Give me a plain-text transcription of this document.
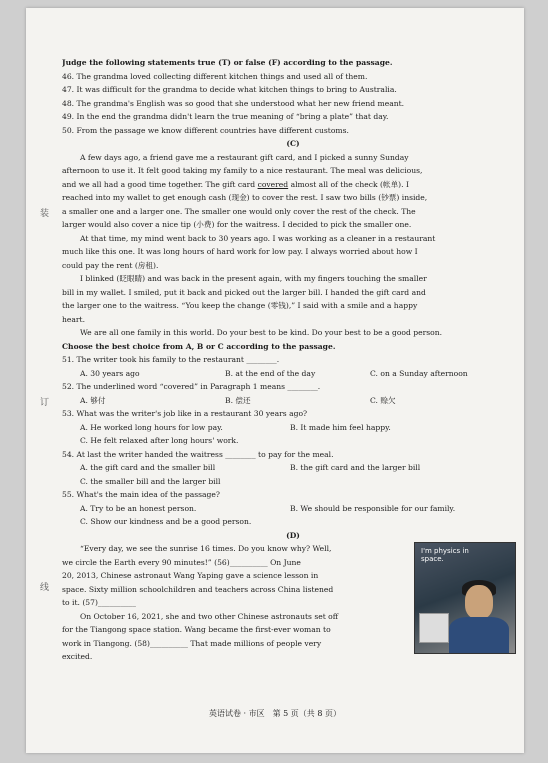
装
订
线
Judge the following statements true (T) or false (F) according to the passage.
46. The grandma loved collecting different kitchen things and used all of them.
47. It was difficult for the grandma to decide what kitchen things to bring to Australia.
48. The grandma's English was so good that she understood what her new friend meant.
49. In the end the grandma didn't learn the true meaning of “bring a plate” that day.
50. From the passage we know different countries have different customs.
(C)
A few days ago, a friend gave me a restaurant gift card, and I picked a sunny Sunday
afternoon to use it. It felt good taking my family to a nice restaurant. The meal was delicious,
and we all had a good time together. The gift card covered almost all of the check (帐单). I
reached into my wallet to get enough cash (现金) to cover the rest. I saw two bills (钞票) inside,
a smaller one and a larger one. The smaller one would only cover the rest of the check. The
larger would also cover a nice tip (小费) for the waitress. I decided to pick the smaller one.
At that time, my mind went back to 30 years ago. I was working as a cleaner in a restaurant
much like this one. It was long hours of hard work for low pay. I always worried about how I
could pay the rent (房租).
I blinked (眨眼睛) and was back in the present again, with my fingers touching the smaller
bill in my wallet. I smiled, put it back and picked out the larger bill. I handed the gift card and
the larger one to the waitress. “You keep the change (零钱),” I said with a smile and a happy
heart.
We are all one family in this world. Do your best to be kind. Do your best to be a good person.
Choose the best choice from A, B or C according to the passage.
51. The writer took his family to the restaurant ________.
A. 30 years ago	B. at the end of the day	C. on a Sunday afternoon
52. The underlined word “covered” in Paragraph 1 means ________.
A. 够付	B. 偿还	C. 赊欠
53. What was the writer's job like in a restaurant 30 years ago?
A. He worked long hours for low pay.	B. It made him feel happy.
C. He felt relaxed after long hours' work.
54. At last the writer handed the waitress ________ to pay for the meal.
A. the gift card and the smaller bill	B. the gift card and the larger bill
C. the smaller bill and the larger bill
55. What's the main idea of the passage?
A. Try to be an honest person.	B. We should be responsible for our family.
C. Show our kindness and be a good person.
(D)
“Every day, we see the sunrise 16 times. Do you know why? Well,
we circle the Earth every 90 minutes!” (56)__________ On June
20, 2013, Chinese astronaut Wang Yaping gave a science lesson in
space. Sixty million schoolchildren and teachers across China listened
to it. (57)__________
On October 16, 2021, she and two other Chinese astronauts set off
for the Tiangong space station. Wang became the first-ever woman to
work in Tiangong. (58)__________ That made millions of people very
excited.
I'm physics in space.
英语试卷 · 市区　第 5 页（共 8 页）
